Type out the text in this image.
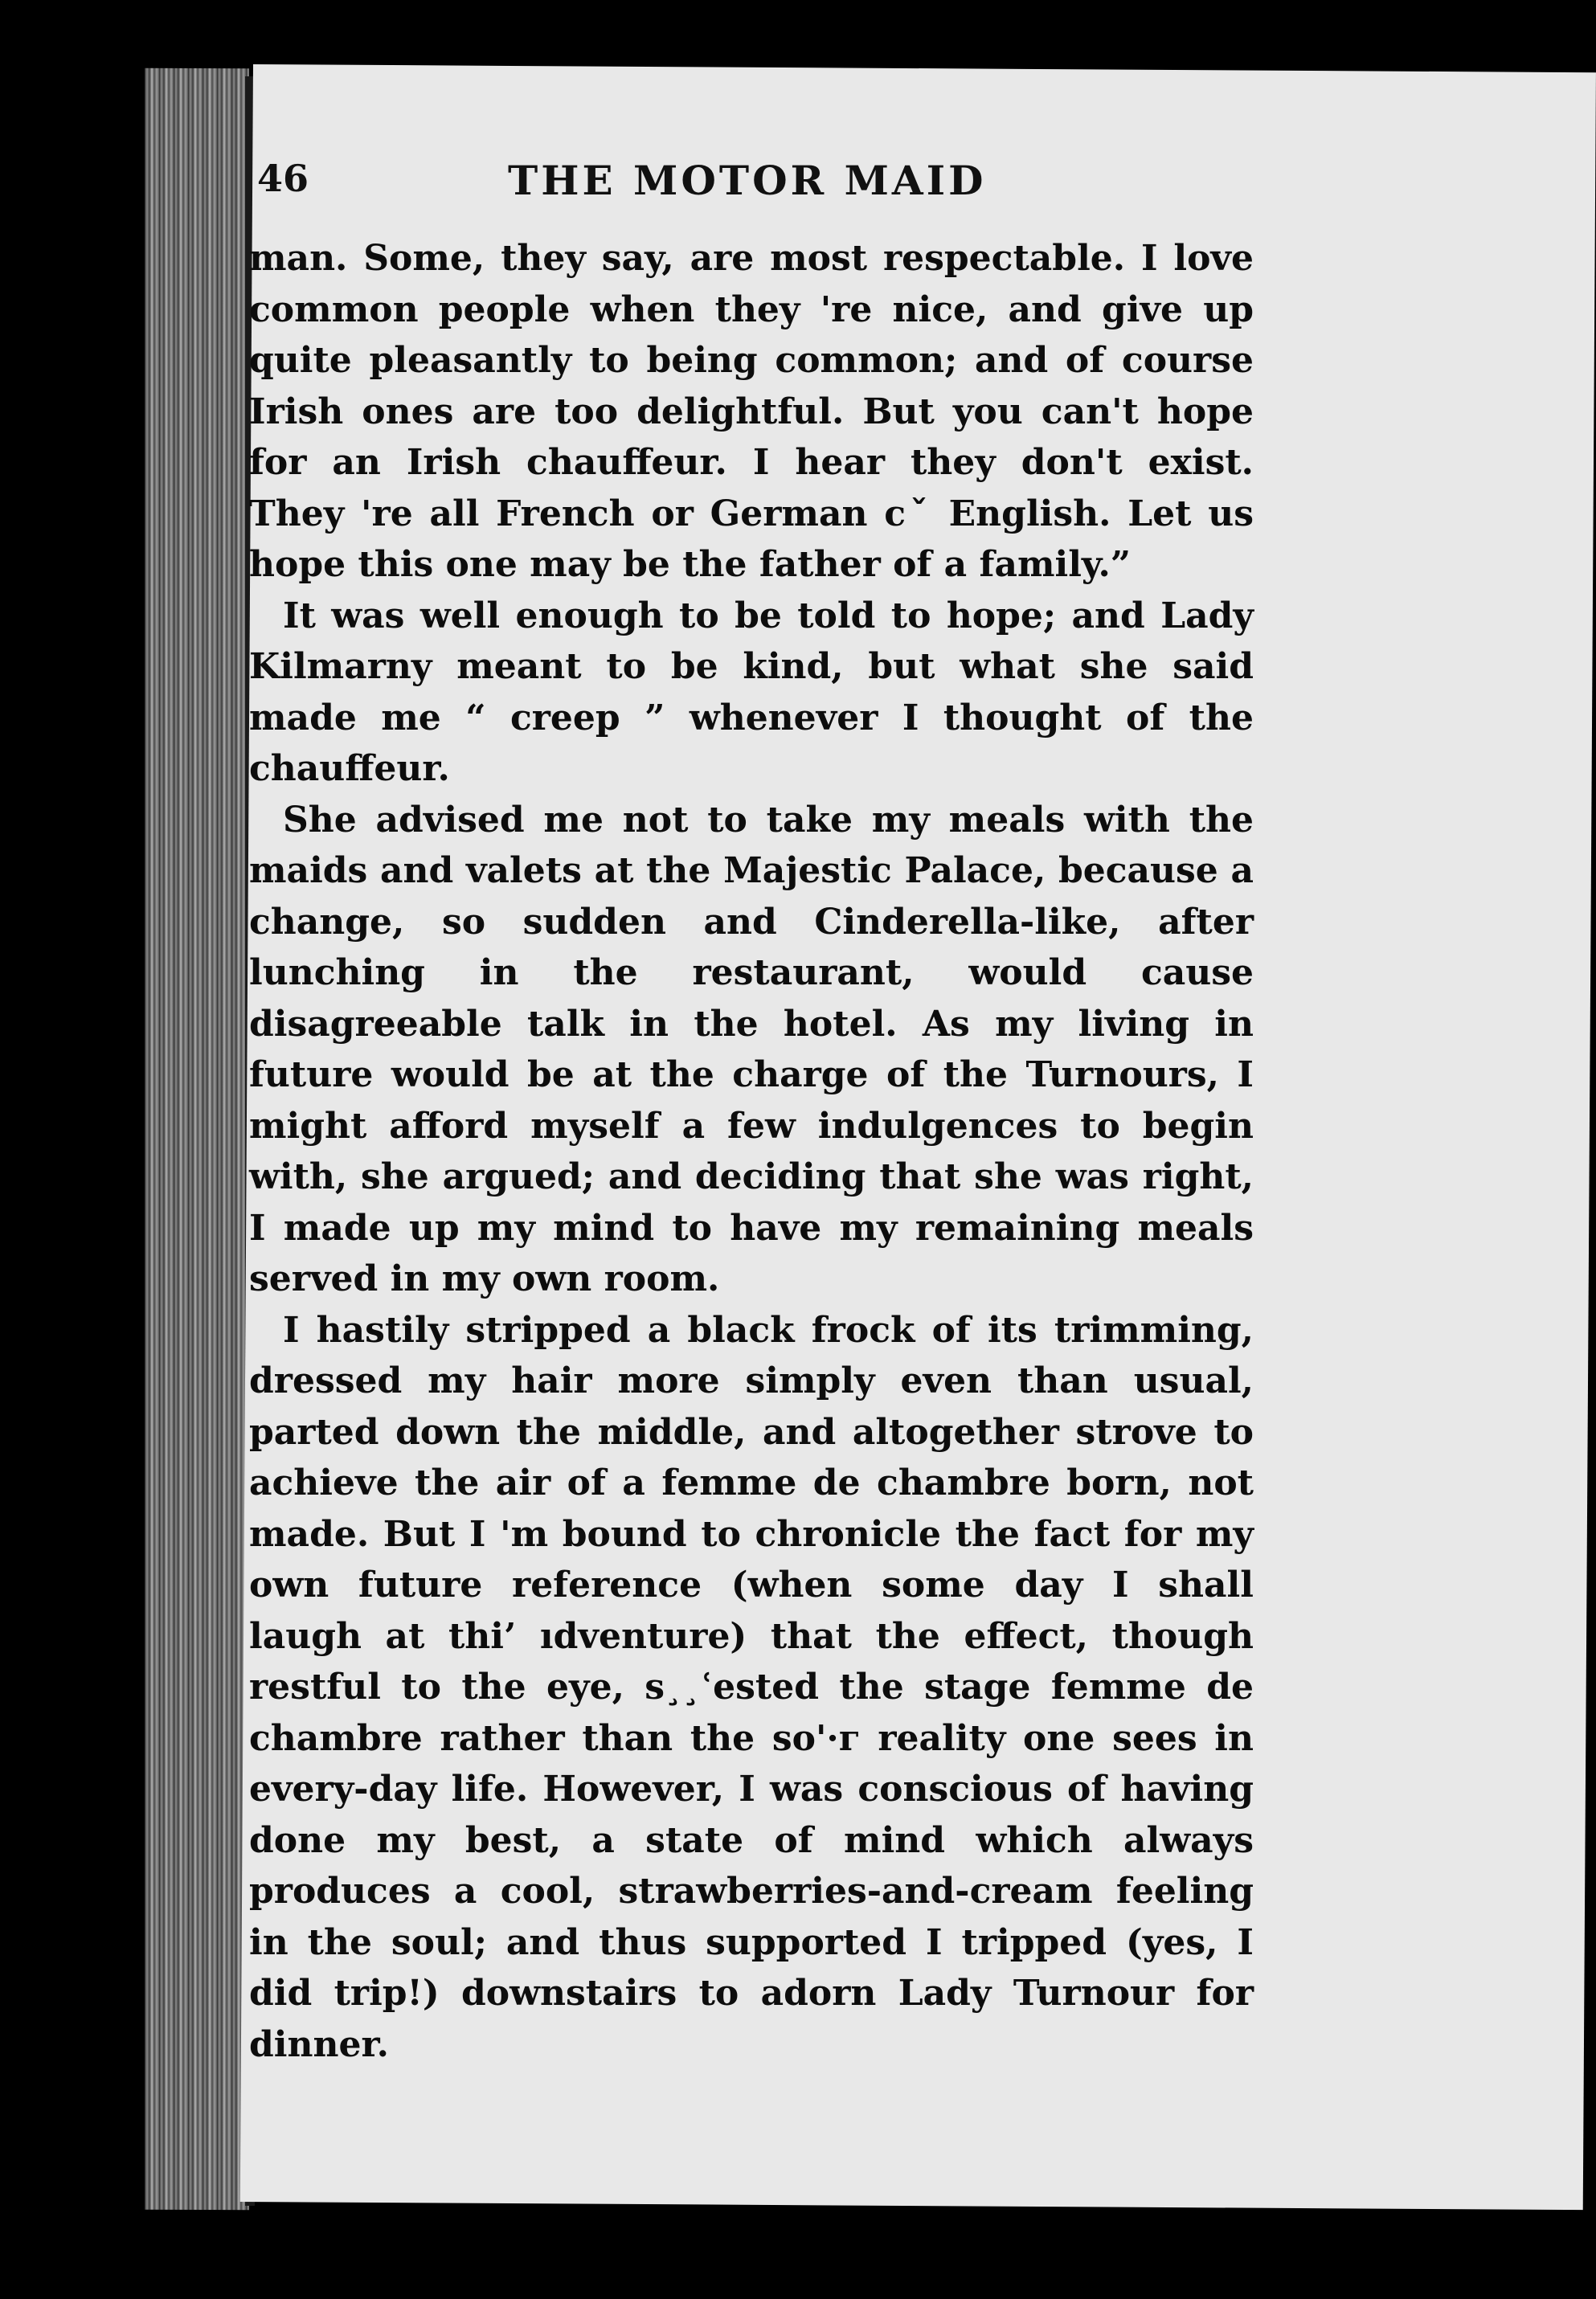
46	THE MOTOR MAID

man. Some, they say, are most respectable. I love common people when they 're nice, and give up quite pleasantly to being common; and of course Irish ones are too delightful. But you can't hope for an Irish chauffeur. I hear they don't exist. They 're all French or German cˇ English. Let us hope this one may be the father of a family.”

It was well enough to be told to hope; and Lady Kilmarny meant to be kind, but what she said made me “ creep ” whenever I thought of the chauffeur.

She advised me not to take my meals with the maids and valets at the Majestic Palace, because a change, so sudden and Cinderella-like, after lunching in the restaurant, would cause disagreeable talk in the hotel. As my living in future would be at the charge of the Turnours, I might afford myself a few indulgences to begin with, she argued; and deciding that she was right, I made up my mind to have my remaining meals served in my own room.

I hastily stripped a black frock of its trimming, dressed my hair more simply even than usual, parted down the middle, and altogether strove to achieve the air of a femme de chambre born, not made. But I 'm bound to chronicle the fact for my own future reference (when some day I shall laugh at thi’ ıdventure) that the effect, though restful to the eye, s¸¸ʿested the stage femme de chambre rather than the so'·г reality one sees in every-day life. However, I was conscious of having done my best, a state of mind which always produces a cool, strawberries-and-cream feeling in the soul; and thus supported I tripped (yes, I did trip!) downstairs to adorn Lady Turnour for dinner.
